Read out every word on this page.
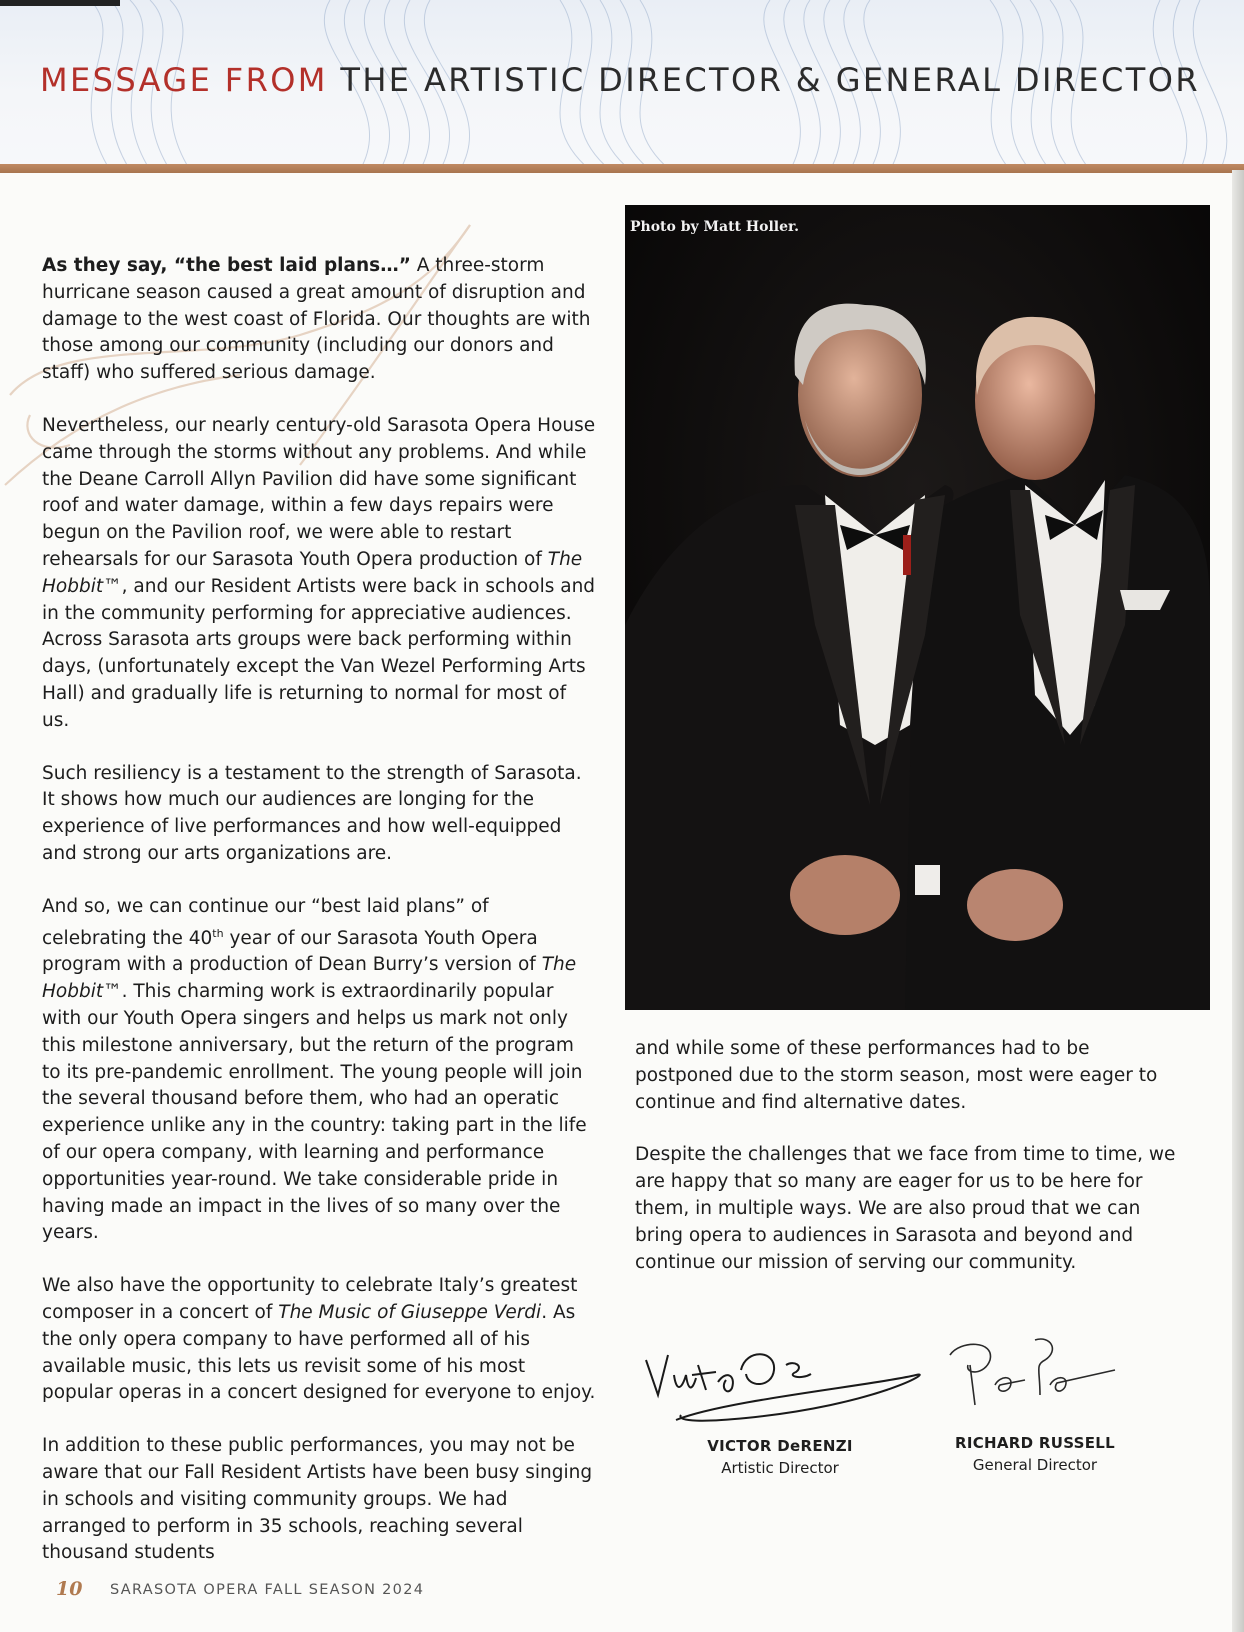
MESSAGE FROM THE ARTISTIC DIRECTOR & GENERAL DIRECTOR

As they say, “the best laid plans…” A three-storm hurricane season caused a great amount of disruption and damage to the west coast of Florida. Our thoughts are with those among our community (including our donors and staff) who suffered serious damage.

Nevertheless, our nearly century-old Sarasota Opera House came through the storms without any problems. And while the Deane Carroll Allyn Pavilion did have some significant roof and water damage, within a few days repairs were begun on the Pavilion roof, we were able to restart rehearsals for our Sarasota Youth Opera production of The Hobbit™, and our Resident Artists were back in schools and in the community performing for appreciative audiences. Across Sarasota arts groups were back performing within days, (unfortunately except the Van Wezel Performing Arts Hall) and gradually life is returning to normal for most of us.

Such resiliency is a testament to the strength of Sarasota. It shows how much our audiences are longing for the experience of live performances and how well-equipped and strong our arts organizations are.

And so, we can continue our “best laid plans” of celebrating the 40th year of our Sarasota Youth Opera program with a production of Dean Burry’s version of The Hobbit™. This charming work is extraordinarily popular with our Youth Opera singers and helps us mark not only this milestone anniversary, but the return of the program to its pre-pandemic enrollment. The young people will join the several thousand before them, who had an operatic experience unlike any in the country: taking part in the life of our opera company, with learning and performance opportunities year-round. We take considerable pride in having made an impact in the lives of so many over the years.

We also have the opportunity to celebrate Italy’s greatest composer in a concert of The Music of Giuseppe Verdi. As the only opera company to have performed all of his available music, this lets us revisit some of his most popular operas in a concert designed for everyone to enjoy.

In addition to these public performances, you may not be aware that our Fall Resident Artists have been busy singing in schools and visiting community groups. We had arranged to perform in 35 schools, reaching several thousand students

Photo by Matt Holler.

and while some of these performances had to be postponed due to the storm season, most were eager to continue and find alternative dates.

Despite the challenges that we face from time to time, we are happy that so many are eager for us to be here for them, in multiple ways. We are also proud that we can bring opera to audiences in Sarasota and beyond and continue our mission of serving our community.

VICTOR DeRENZI
Artistic Director
RICHARD RUSSELL
General Director
10 SARASOTA OPERA FALL SEASON 2024
